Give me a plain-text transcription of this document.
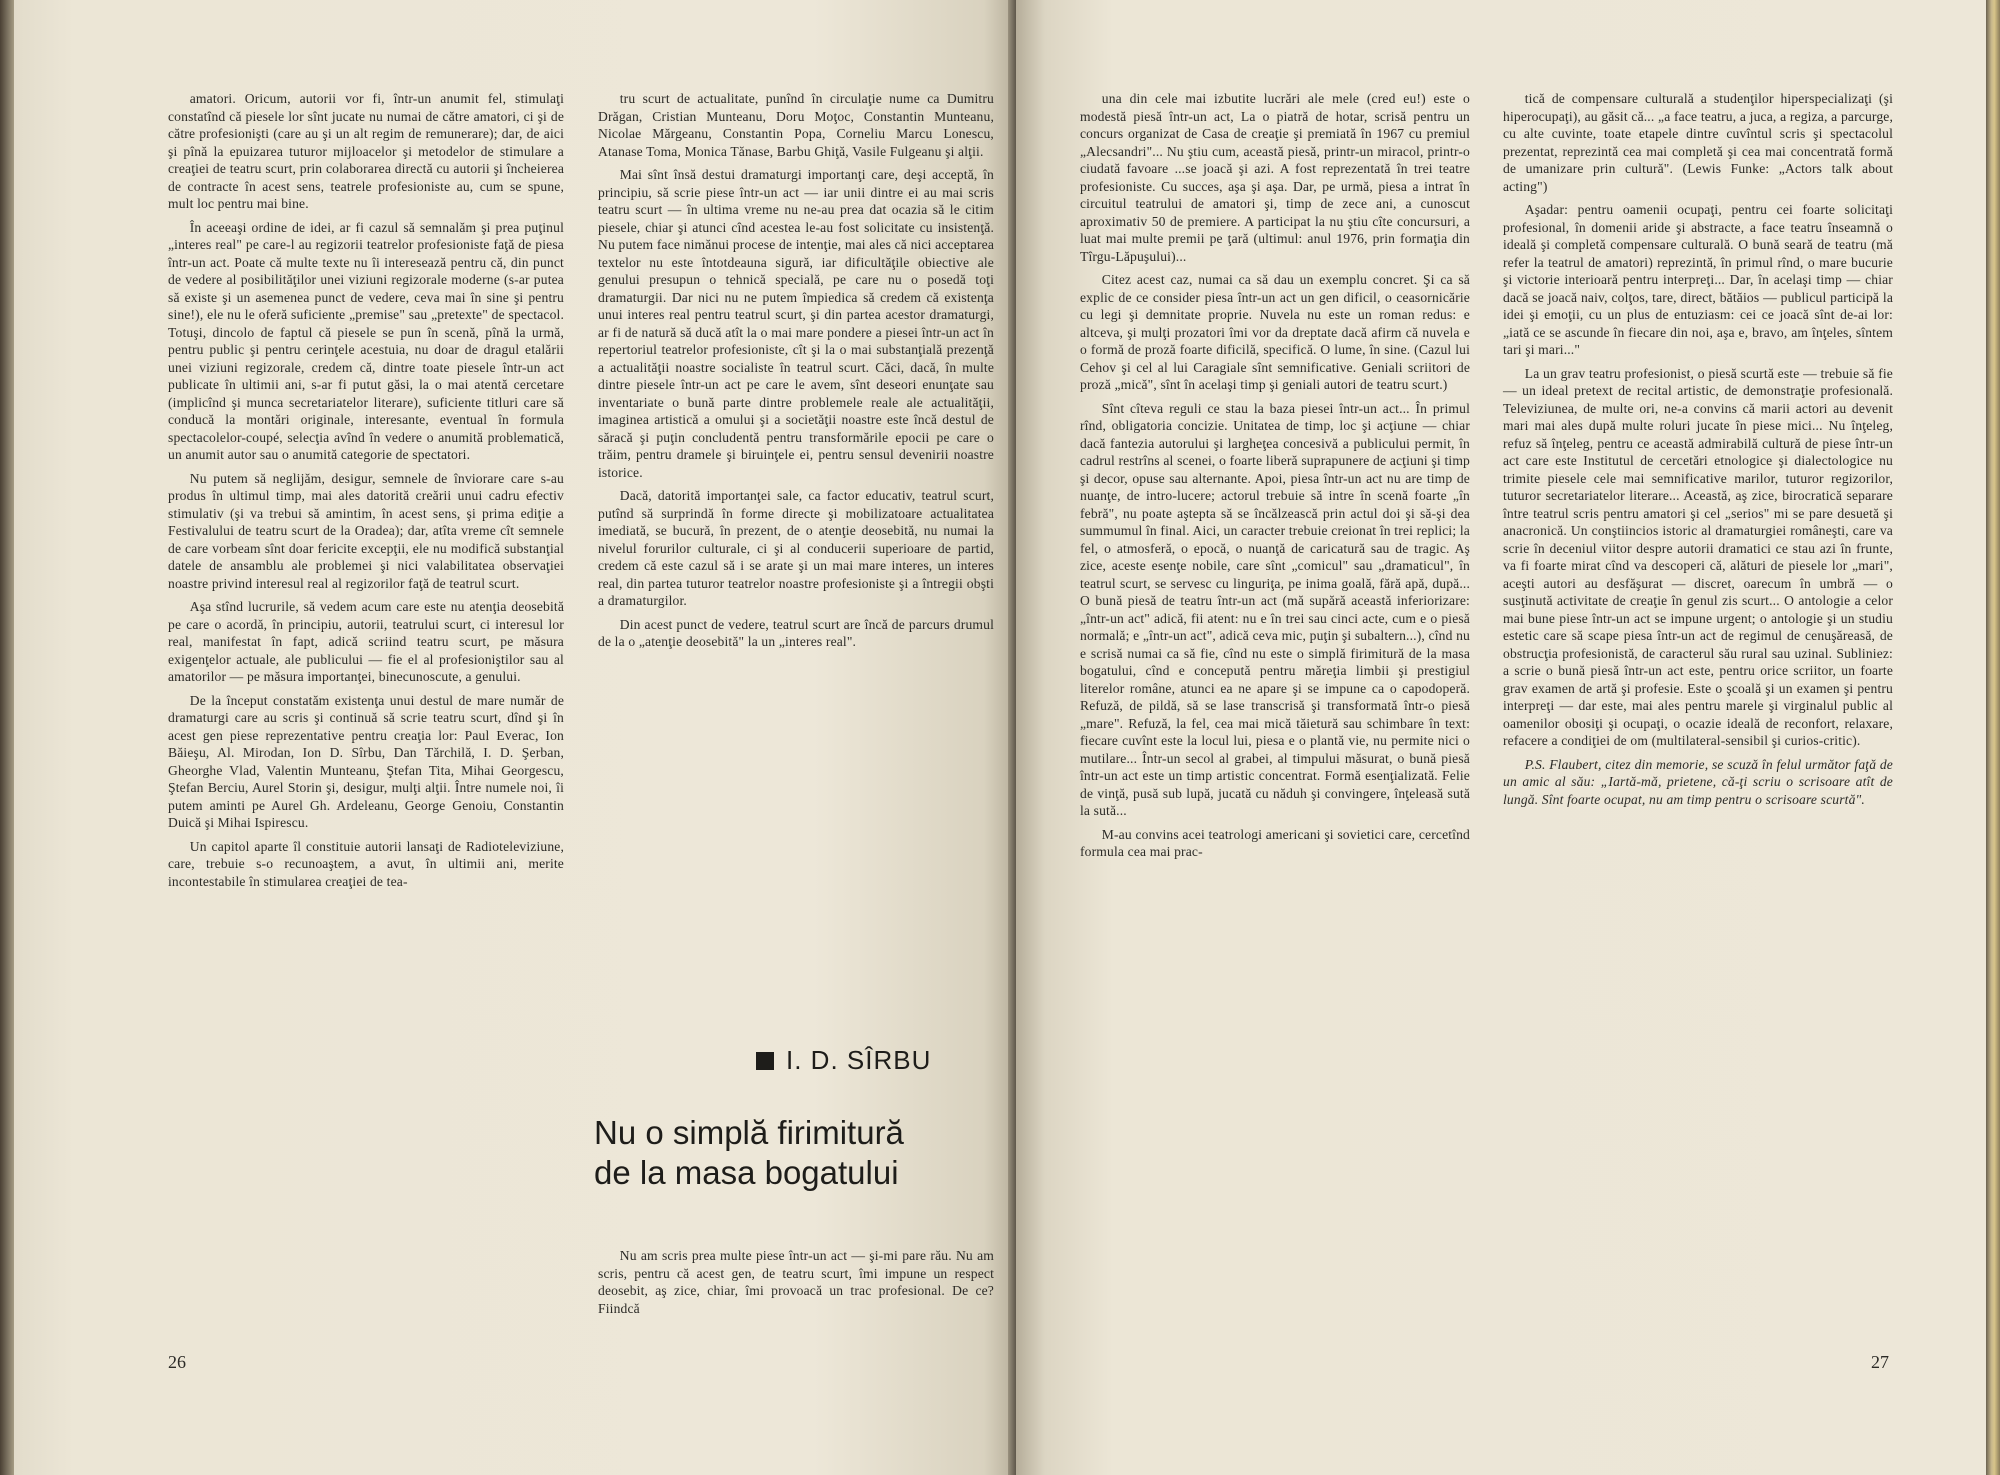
amatori. Oricum, autorii vor fi, într-un anumit fel, stimulaţi constatînd că piesele lor sînt jucate nu numai de către amatori, ci şi de către profesionişti (care au şi un alt regim de remunerare); dar, de aici şi pînă la epuizarea tuturor mijloacelor şi metodelor de stimulare a creaţiei de teatru scurt, prin colaborarea directă cu autorii şi încheierea de contracte în acest sens, teatrele profesioniste au, cum se spune, mult loc pentru mai bine.

În aceeaşi ordine de idei, ar fi cazul să semnalăm şi prea puţinul „interes real" pe care-l au regizorii teatrelor profesioniste faţă de piesa într-un act. Poate că multe texte nu îi interesează pentru că, din punct de vedere al posibilităţilor unei viziuni regizorale moderne (s-ar putea să existe şi un asemenea punct de vedere, ceva mai în sine şi pentru sine!), ele nu le oferă suficiente „premise" sau „pretexte" de spectacol. Totuşi, dincolo de faptul că piesele se pun în scenă, pînă la urmă, pentru public şi pentru cerinţele acestuia, nu doar de dragul etalării unei viziuni regizorale, credem că, dintre toate piesele într-un act publicate în ultimii ani, s-ar fi putut găsi, la o mai atentă cercetare (implicînd şi munca secretariatelor literare), suficiente titluri care să conducă la montări originale, interesante, eventual în formula spectacolelor-coupé, selecţia avînd în vedere o anumită problematică, un anumit autor sau o anumită categorie de spectatori.

Nu putem să neglijăm, desigur, semnele de înviorare care s-au produs în ultimul timp, mai ales datorită creării unui cadru efectiv stimulativ (şi va trebui să amintim, în acest sens, şi prima ediţie a Festivalului de teatru scurt de la Oradea); dar, atîta vreme cît semnele de care vorbeam sînt doar fericite excepţii, ele nu modifică substanţial datele de ansamblu ale problemei şi nici valabilitatea observaţiei noastre privind interesul real al regizorilor faţă de teatrul scurt.

Aşa stînd lucrurile, să vedem acum care este nu atenţia deosebită pe care o acordă, în principiu, autorii, teatrului scurt, ci interesul lor real, manifestat în fapt, adică scriind teatru scurt, pe măsura exigenţelor actuale, ale publicului — fie el al profesioniştilor sau al amatorilor — pe măsura importanţei, binecunoscute, a genului.

De la început constatăm existenţa unui destul de mare număr de dramaturgi care au scris şi continuă să scrie teatru scurt, dînd şi în acest gen piese reprezentative pentru creaţia lor: Paul Everac, Ion Băieşu, Al. Mirodan, Ion D. Sîrbu, Dan Tărchilă, I. D. Şerban, Gheorghe Vlad, Valentin Munteanu, Ştefan Tita, Mihai Georgescu, Ştefan Berciu, Aurel Storin şi, desigur, mulţi alţii. Între numele noi, îi putem aminti pe Aurel Gh. Ardeleanu, George Genoiu, Constantin Duică şi Mihai Ispirescu.

Un capitol aparte îl constituie autorii lansaţi de Radioteleviziune, care, trebuie s-o recunoaştem, a avut, în ultimii ani, merite incontestabile în stimularea creaţiei de tea-

tru scurt de actualitate, punînd în circulaţie nume ca Dumitru Drăgan, Cristian Munteanu, Doru Moţoc, Constantin Munteanu, Nicolae Mărgeanu, Constantin Popa, Corneliu Marcu Lonescu, Atanase Toma, Monica Tănase, Barbu Ghiţă, Vasile Fulgeanu şi alţii.

Mai sînt însă destui dramaturgi importanţi care, deşi acceptă, în principiu, să scrie piese într-un act — iar unii dintre ei au mai scris teatru scurt — în ultima vreme nu ne-au prea dat ocazia să le citim piesele, chiar şi atunci cînd acestea le-au fost solicitate cu insistenţă. Nu putem face nimănui procese de intenţie, mai ales că nici acceptarea textelor nu este întotdeauna sigură, iar dificultăţile obiective ale genului presupun o tehnică specială, pe care nu o posedă toţi dramaturgii. Dar nici nu ne putem împiedica să credem că existenţa unui interes real pentru teatrul scurt, şi din partea acestor dramaturgi, ar fi de natură să ducă atît la o mai mare pondere a piesei într-un act în repertoriul teatrelor profesioniste, cît şi la o mai substanţială prezenţă a actualităţii noastre socialiste în teatrul scurt. Căci, dacă, în multe dintre piesele într-un act pe care le avem, sînt deseori enunţate sau inventariate o bună parte dintre problemele reale ale actualităţii, imaginea artistică a omului şi a societăţii noastre este încă destul de săracă şi puţin concludentă pentru transformările epocii pe care o trăim, pentru dramele şi biruinţele ei, pentru sensul devenirii noastre istorice.

Dacă, datorită importanţei sale, ca factor educativ, teatrul scurt, putînd să surprindă în forme directe şi mobilizatoare actualitatea imediată, se bucură, în prezent, de o atenţie deosebită, nu numai la nivelul forurilor culturale, ci şi al conducerii superioare de partid, credem că este cazul să i se arate şi un mai mare interes, un interes real, din partea tuturor teatrelor noastre profesioniste şi a întregii obşti a dramaturgilor.

Din acest punct de vedere, teatrul scurt are încă de parcurs drumul de la o „atenţie deosebită" la un „interes real".

I. D. SÎRBU
Nu o simplă firimitură
de la masa bogatului

Nu am scris prea multe piese într-un act — şi-mi pare rău. Nu am scris, pentru că acest gen, de teatru scurt, îmi impune un respect deosebit, aş zice, chiar, îmi provoacă un trac profesional. De ce? Fiindcă

26

una din cele mai izbutite lucrări ale mele (cred eu!) este o modestă piesă într-un act, La o piatră de hotar, scrisă pentru un concurs organizat de Casa de creaţie şi premiată în 1967 cu premiul „Alecsandri"... Nu ştiu cum, această piesă, printr-un miracol, printr-o ciudată favoare ...se joacă şi azi. A fost reprezentată în trei teatre profesioniste. Cu succes, aşa şi aşa. Dar, pe urmă, piesa a intrat în circuitul teatrului de amatori şi, timp de zece ani, a cunoscut aproximativ 50 de premiere. A participat la nu ştiu cîte concursuri, a luat mai multe premii pe ţară (ultimul: anul 1976, prin formaţia din Tîrgu-Lăpuşului)...

Citez acest caz, numai ca să dau un exemplu concret. Şi ca să explic de ce consider piesa într-un act un gen dificil, o ceasornicărie cu legi şi demnitate proprie. Nuvela nu este un roman redus: e altceva, şi mulţi prozatori îmi vor da dreptate dacă afirm că nuvela e o formă de proză foarte dificilă, specifică. O lume, în sine. (Cazul lui Cehov şi cel al lui Caragiale sînt semnificative. Geniali scriitori de proză „mică", sînt în acelaşi timp şi geniali autori de teatru scurt.)

Sînt cîteva reguli ce stau la baza piesei într-un act... În primul rînd, obligatoria concizie. Unitatea de timp, loc şi acţiune — chiar dacă fantezia autorului şi largheţea concesivă a publicului permit, în cadrul restrîns al scenei, o foarte liberă suprapunere de acţiuni şi timp şi decor, opuse sau alternante. Apoi, piesa într-un act nu are timp de nuanţe, de intro-lucere; actorul trebuie să intre în scenă foarte „în febră", nu poate aştepta să se încălzească prin actul doi şi să-şi dea summumul în final. Aici, un caracter trebuie creionat în trei replici; la fel, o atmosferă, o epocă, o nuanţă de caricatură sau de tragic. Aş zice, aceste esenţe nobile, care sînt „comicul" sau „dramaticul", în teatrul scurt, se servesc cu linguriţa, pe inima goală, fără apă, după... O bună piesă de teatru într-un act (mă supără această inferiorizare: „într-un act" adică, fii atent: nu e în trei sau cinci acte, cum e o piesă normală; e „într-un act", adică ceva mic, puţin şi subaltern...), cînd nu e scrisă numai ca să fie, cînd nu este o simplă firimitură de la masa bogatului, cînd e concepută pentru măreţia limbii şi prestigiul literelor române, atunci ea ne apare şi se impune ca o capodoperă. Refuză, de pildă, să se lase transcrisă şi transformată într-o piesă „mare". Refuză, la fel, cea mai mică tăietură sau schimbare în text: fiecare cuvînt este la locul lui, piesa e o plantă vie, nu permite nici o mutilare... Într-un secol al grabei, al timpului măsurat, o bună piesă într-un act este un timp artistic concentrat. Formă esenţializată. Felie de vinţă, pusă sub lupă, jucată cu năduh şi convingere, înţeleasă sută la sută...

M-au convins acei teatrologi americani şi sovietici care, cercetînd formula cea mai prac-

tică de compensare culturală a studenţilor hiperspecializaţi (şi hiperocupaţi), au găsit că... „a face teatru, a juca, a regiza, a parcurge, cu alte cuvinte, toate etapele dintre cuvîntul scris şi spectacolul prezentat, reprezintă cea mai completă şi cea mai concentrată formă de umanizare prin cultură". (Lewis Funke: „Actors talk about acting")

Aşadar: pentru oamenii ocupaţi, pentru cei foarte solicitaţi profesional, în domenii aride şi abstracte, a face teatru înseamnă o ideală şi completă compensare culturală. O bună seară de teatru (mă refer la teatrul de amatori) reprezintă, în primul rînd, o mare bucurie şi victorie interioară pentru interpreţi... Dar, în acelaşi timp — chiar dacă se joacă naiv, colţos, tare, direct, bătăios — publicul participă la idei şi emoţii, cu un plus de entuziasm: cei ce joacă sînt de-ai lor: „iată ce se ascunde în fiecare din noi, aşa e, bravo, am înţeles, sîntem tari şi mari..."

La un grav teatru profesionist, o piesă scurtă este — trebuie să fie — un ideal pretext de recital artistic, de demonstraţie profesională. Televiziunea, de multe ori, ne-a convins că marii actori au devenit mari mai ales după multe roluri jucate în piese mici... Nu înţeleg, refuz să înţeleg, pentru ce această admirabilă cultură de piese într-un act care este Institutul de cercetări etnologice şi dialectologice nu trimite piesele cele mai semnificative marilor, tuturor regizorilor, tuturor secretariatelor literare... Această, aş zice, birocratică separare între teatrul scris pentru amatori şi cel „serios" mi se pare desuetă şi anacronică. Un conştiincios istoric al dramaturgiei româneşti, care va scrie în deceniul viitor despre autorii dramatici ce stau azi în frunte, va fi foarte mirat cînd va descoperi că, alături de piesele lor „mari", aceşti autori au desfăşurat — discret, oarecum în umbră — o susţinută activitate de creaţie în genul zis scurt... O antologie a celor mai bune piese într-un act se impune urgent; o antologie şi un studiu estetic care să scape piesa într-un act de regimul de cenuşăreasă, de obstrucţia profesionistă, de caracterul său rural sau uzinal. Subliniez: a scrie o bună piesă într-un act este, pentru orice scriitor, un foarte grav examen de artă şi profesie. Este o şcoală şi un examen şi pentru interpreţi — dar este, mai ales pentru marele şi virginalul public al oamenilor obosiţi şi ocupaţi, o ocazie ideală de reconfort, relaxare, refacere a condiţiei de om (multilateral-sensibil şi curios-critic).

P.S. Flaubert, citez din memorie, se scuză în felul următor faţă de un amic al său: „Iartă-mă, prietene, că-ţi scriu o scrisoare atît de lungă. Sînt foarte ocupat, nu am timp pentru o scrisoare scurtă".

27
